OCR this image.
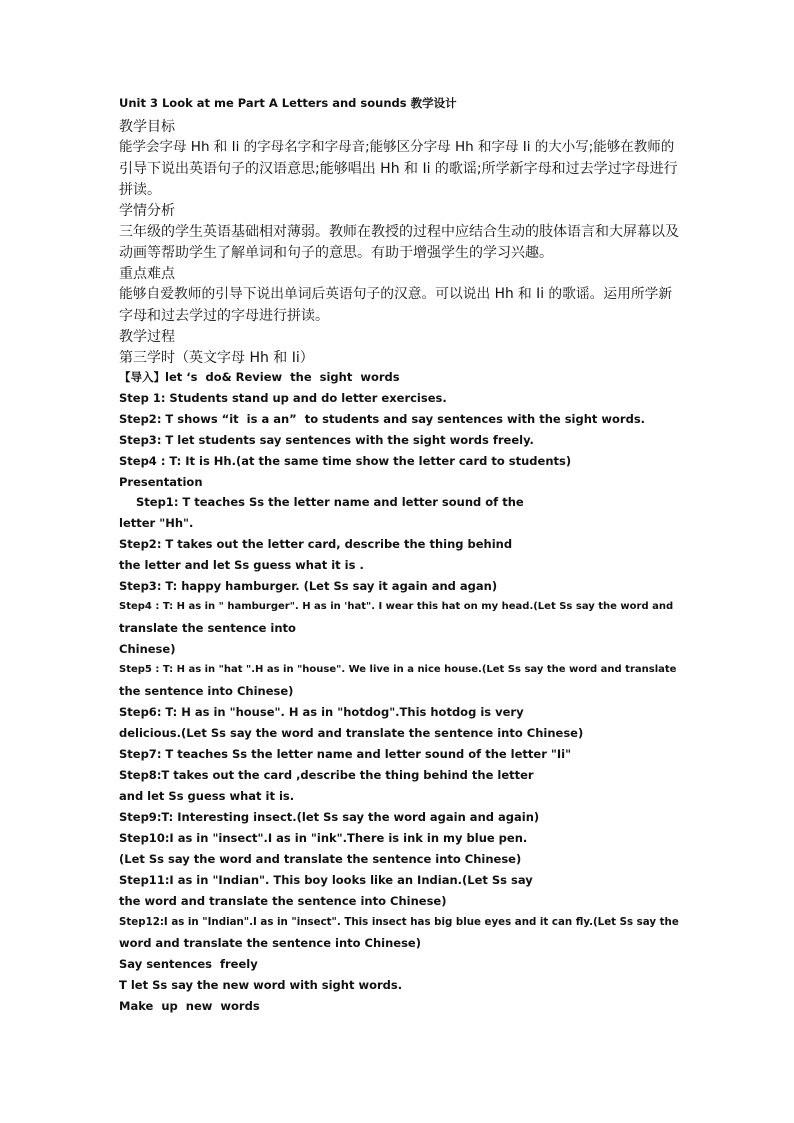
Unit 3 Look at me Part A Letters and sounds 教学设计
教学目标
能学会字母 Hh 和 Ii 的字母名字和字母音;能够区分字母 Hh 和字母 Ii 的大小写;能够在教师的
引导下说出英语句子的汉语意思;能够唱出 Hh 和 Ii 的歌谣;所学新字母和过去学过字母进行
拼读。
学情分析
三年级的学生英语基础相对薄弱。教师在教授的过程中应结合生动的肢体语言和大屏幕以及
动画等帮助学生了解单词和句子的意思。有助于增强学生的学习兴趣。
重点难点
能够自爱教师的引导下说出单词后英语句子的汉意。可以说出 Hh 和 Ii 的歌谣。运用所学新
字母和过去学过的字母进行拼读。
教学过程
第三学时（英文字母 Hh 和 Ii）
【导入】let ‘s  do& Review  the  sight  words
Step 1: Students stand up and do letter exercises.
Step2: T shows “it  is a an”  to students and say sentences with the sight words.
Step3: T let students say sentences with the sight words freely.
Step4 : T: It is Hh.(at the same time show the letter card to students)
Presentation
Step1: T teaches Ss the letter name and letter sound of the
letter "Hh".
Step2: T takes out the letter card, describe the thing behind
the letter and let Ss guess what it is .
Step3: T: happy hamburger. (Let Ss say it again and agan)
Step4 : T: H as in " hamburger". H as in 'hat". I wear this hat on my head.(Let Ss say the word and
translate the sentence into
Chinese)
Step5 : T: H as in "hat ".H as in "house". We live in a nice house.(Let Ss say the word and translate
the sentence into Chinese)
Step6: T: H as in "house". H as in "hotdog".This hotdog is very
delicious.(Let Ss say the word and translate the sentence into Chinese)
Step7: T teaches Ss the letter name and letter sound of the letter "Ii"
Step8:T takes out the card ,describe the thing behind the letter
and let Ss guess what it is.
Step9:T: Interesting insect.(let Ss say the word again and again)
Step10:I as in "insect".I as in "ink".There is ink in my blue pen.
(Let Ss say the word and translate the sentence into Chinese)
Step11:I as in "Indian". This boy looks like an Indian.(Let Ss say
the word and translate the sentence into Chinese)
Step12:I as in "Indian".I as in "insect". This insect has big blue eyes and it can fly.(Let Ss say the
word and translate the sentence into Chinese)
Say sentences  freely
T let Ss say the new word with sight words.
Make  up  new  words
